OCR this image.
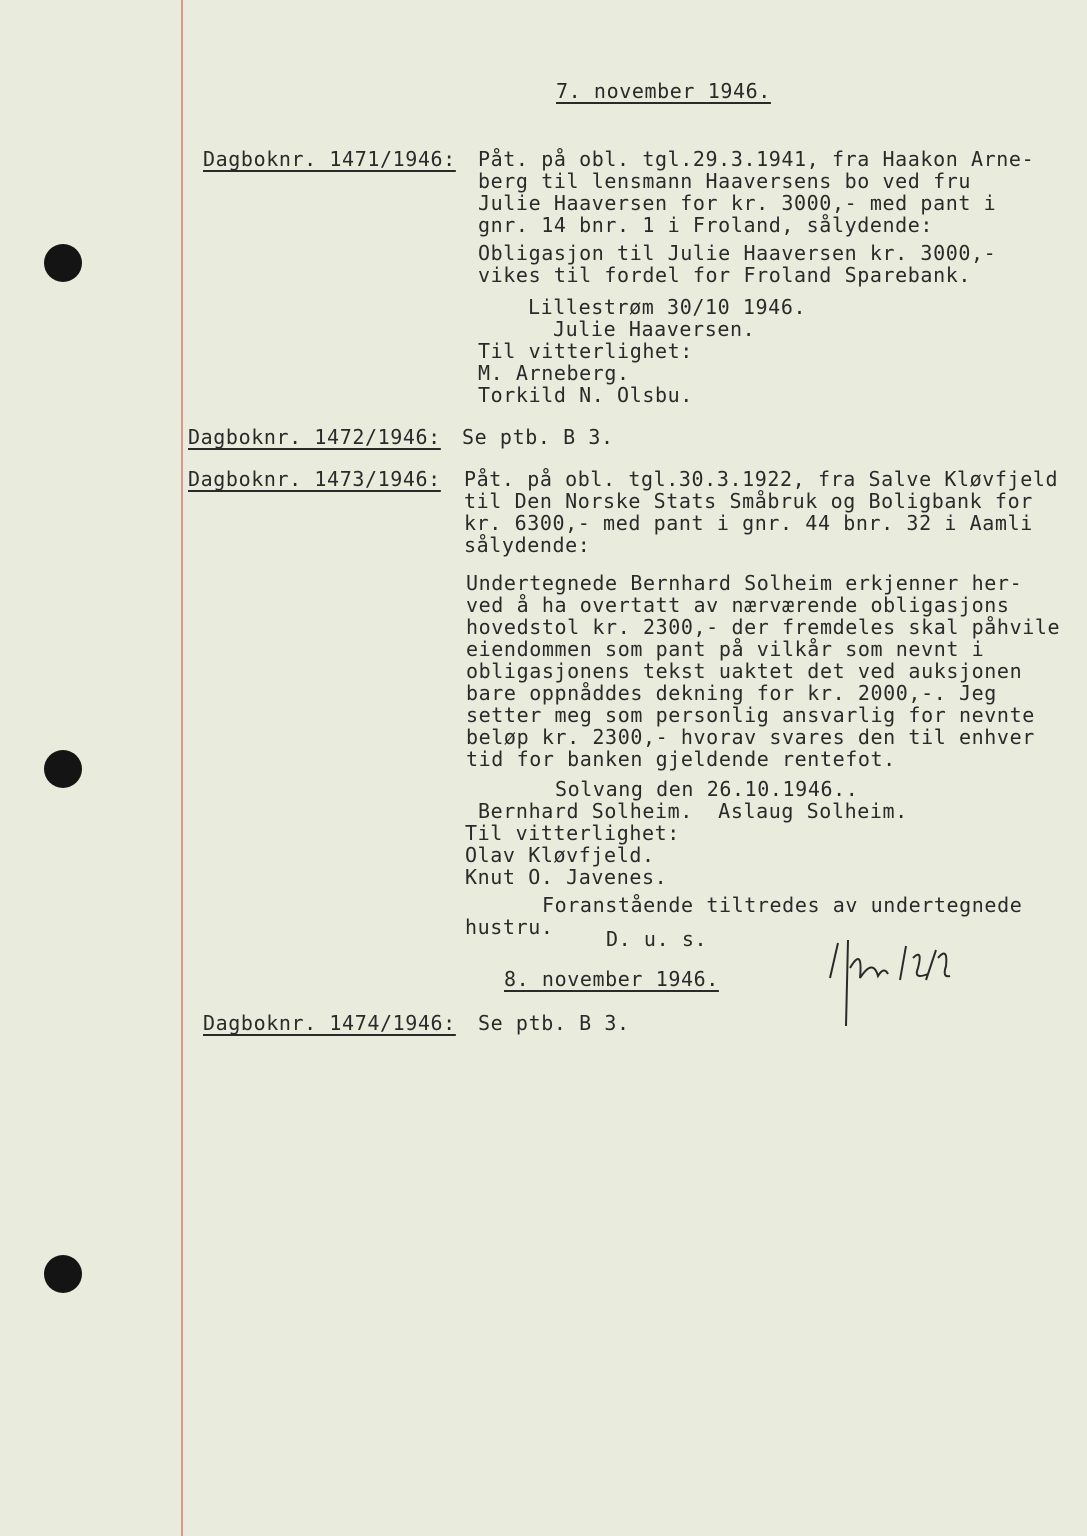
7. november 1946.
Dagboknr. 1471/1946: Påt. på obl. tgl.29.3.1941, fra Haakon Arne-
berg til lensmann Haaversens bo ved fru
Julie Haaversen for kr. 3000,- med pant i
gnr. 14 bnr. 1 i Froland, sålydende:
Obligasjon til Julie Haaversen kr. 3000,-
vikes til fordel for Froland Sparebank.
Lillestrøm 30/10 1946.
Julie Haaversen.
Til vitterlighet:
M. Arneberg.
Torkild N. Olsbu.
Dagboknr. 1472/1946: Se ptb. B 3.
Dagboknr. 1473/1946: Påt. på obl. tgl.30.3.1922, fra Salve Kløvfjeld
til Den Norske Stats Småbruk og Boligbank for
kr. 6300,- med pant i gnr. 44 bnr. 32 i Aamli
sålydende:
Undertegnede Bernhard Solheim erkjenner her-
ved å ha overtatt av nærværende obligasjons
hovedstol kr. 2300,- der fremdeles skal påhvile
eiendommen som pant på vilkår som nevnt i
obligasjonens tekst uaktet det ved auksjonen
bare oppnåddes dekning for kr. 2000,-. Jeg
setter meg som personlig ansvarlig for nevnte
beløp kr. 2300,- hvorav svares den til enhver
tid for banken gjeldende rentefot.
Solvang den 26.10.1946..
Bernhard Solheim.  Aslaug Solheim.
Til vitterlighet:
Olav Kløvfjeld.
Knut O. Javenes.
Foranstående tiltredes av undertegnede
hustru.	D. u. s.
8. november 1946.
Dagboknr. 1474/1946: Se ptb. B 3.
